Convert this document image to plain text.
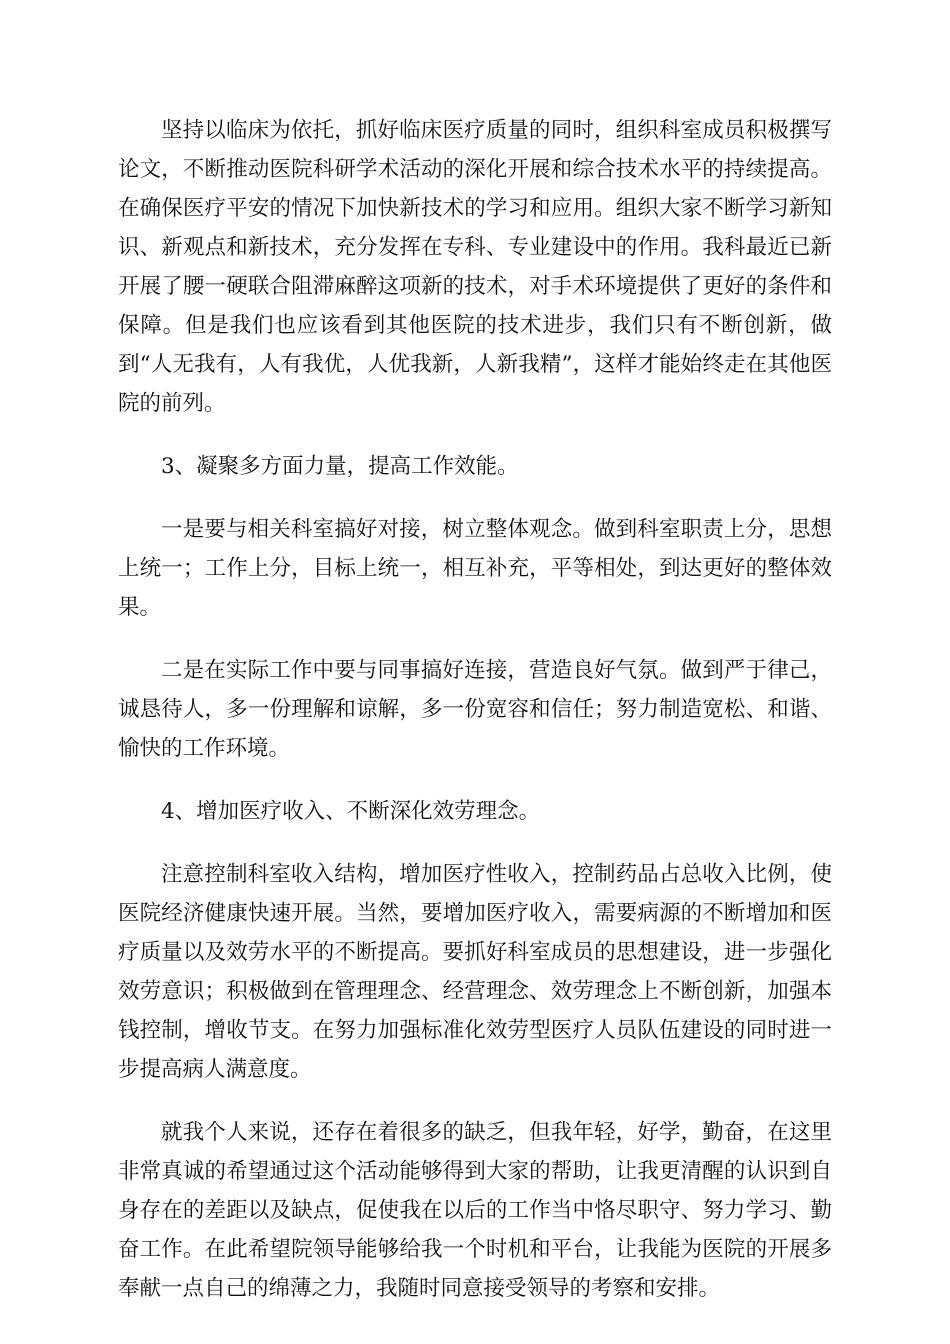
坚持以临床为依托，抓好临床医疗质量的同时，组织科室成员积极撰写论文，不断推动医院科研学术活动的深化开展和综合技术水平的持续提高。在确保医疗平安的情况下加快新技术的学习和应用。组织大家不断学习新知识、新观点和新技术，充分发挥在专科、专业建设中的作用。我科最近已新开展了腰一硬联合阻滞麻醉这项新的技术，对手术环境提供了更好的条件和保障。但是我们也应该看到其他医院的技术进步，我们只有不断创新，做到“人无我有，人有我优，人优我新，人新我精”，这样才能始终走在其他医院的前列。

3、凝聚多方面力量，提高工作效能。

一是要与相关科室搞好对接，树立整体观念。做到科室职责上分，思想上统一；工作上分，目标上统一，相互补充，平等相处，到达更好的整体效果。

二是在实际工作中要与同事搞好连接，营造良好气氛。做到严于律己，诚恳待人，多一份理解和谅解，多一份宽容和信任；努力制造宽松、和谐、愉快的工作环境。

4、增加医疗收入、不断深化效劳理念。

注意控制科室收入结构，增加医疗性收入，控制药品占总收入比例，使医院经济健康快速开展。当然，要增加医疗收入，需要病源的不断增加和医疗质量以及效劳水平的不断提高。要抓好科室成员的思想建设，进一步强化效劳意识；积极做到在管理理念、经营理念、效劳理念上不断创新，加强本钱控制，增收节支。在努力加强标准化效劳型医疗人员队伍建设的同时进一步提高病人满意度。

就我个人来说，还存在着很多的缺乏，但我年轻，好学，勤奋，在这里非常真诚的希望通过这个活动能够得到大家的帮助，让我更清醒的认识到自身存在的差距以及缺点，促使我在以后的工作当中恪尽职守、努力学习、勤奋工作。在此希望院领导能够给我一个时机和平台，让我能为医院的开展多奉献一点自己的绵薄之力，我随时同意接受领导的考察和安排。
